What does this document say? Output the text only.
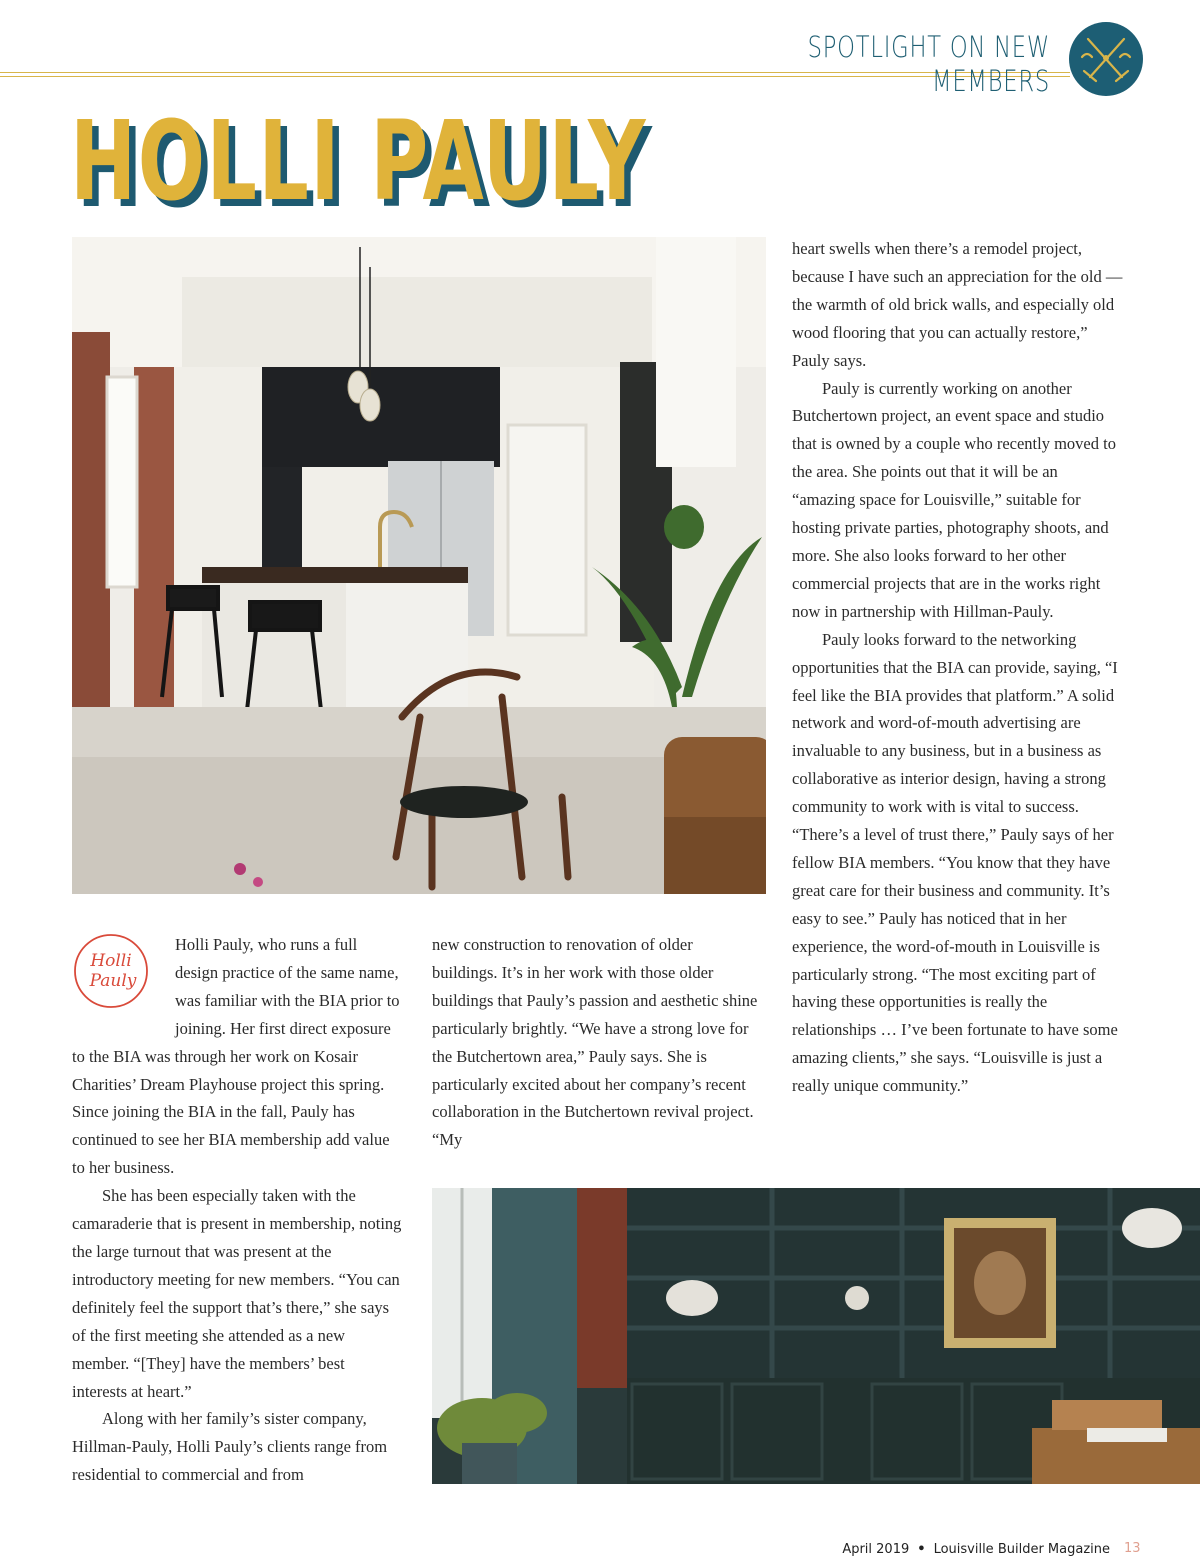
SPOTLIGHT ON NEW MEMBERS
HOLLI PAULY
Holli
Pauly

Holli Pauly, who runs a full design practice of the same name, was familiar with the BIA prior to joining. Her first direct exposure to the BIA was through her work on Kosair Charities’ Dream Playhouse project this spring. Since joining the BIA in the fall, Pauly has continued to see her BIA membership add value to her business.

She has been especially taken with the camaraderie that is present in membership, noting the large turnout that was present at the introductory meeting for new members. “You can definitely feel the support that’s there,” she says of the first meeting she attended as a new member. “[They] have the members’ best interests at heart.”

Along with her family’s sister company, Hillman-Pauly, Holli Pauly’s clients range from residential to commercial and from

new construction to renovation of older buildings. It’s in her work with those older buildings that Pauly’s passion and aesthetic shine particularly brightly. “We have a strong love for the Butchertown area,” Pauly says. She is particularly excited about her company’s recent collaboration in the Butchertown revival project. “My

heart swells when there’s a remodel project, because I have such an appreciation for the old — the warmth of old brick walls, and especially old wood flooring that you can actually restore,” Pauly says.

Pauly is currently working on another Butchertown project, an event space and studio that is owned by a couple who recently moved to the area. She points out that it will be an “amazing space for Louisville,” suitable for hosting private parties, photography shoots, and more. She also looks forward to her other commercial projects that are in the works right now in partnership with Hillman-Pauly.

Pauly looks forward to the networking opportunities that the BIA can provide, saying, “I feel like the BIA provides that platform.” A solid network and word-of-mouth advertising are invaluable to any business, but in a business as collaborative as interior design, having a strong community to work with is vital to success. “There’s a level of trust there,” Pauly says of her fellow BIA members. “You know that they have great care for their business and community. It’s easy to see.” Pauly has noticed that in her experience, the word-of-mouth in Louisville is particularly strong. “The most exciting part of having these opportunities is really the relationships … I’ve been fortunate to have some amazing clients,” she says. “Louisville is just a really unique community.”

April 2019 • Louisville Builder Magazine 13
